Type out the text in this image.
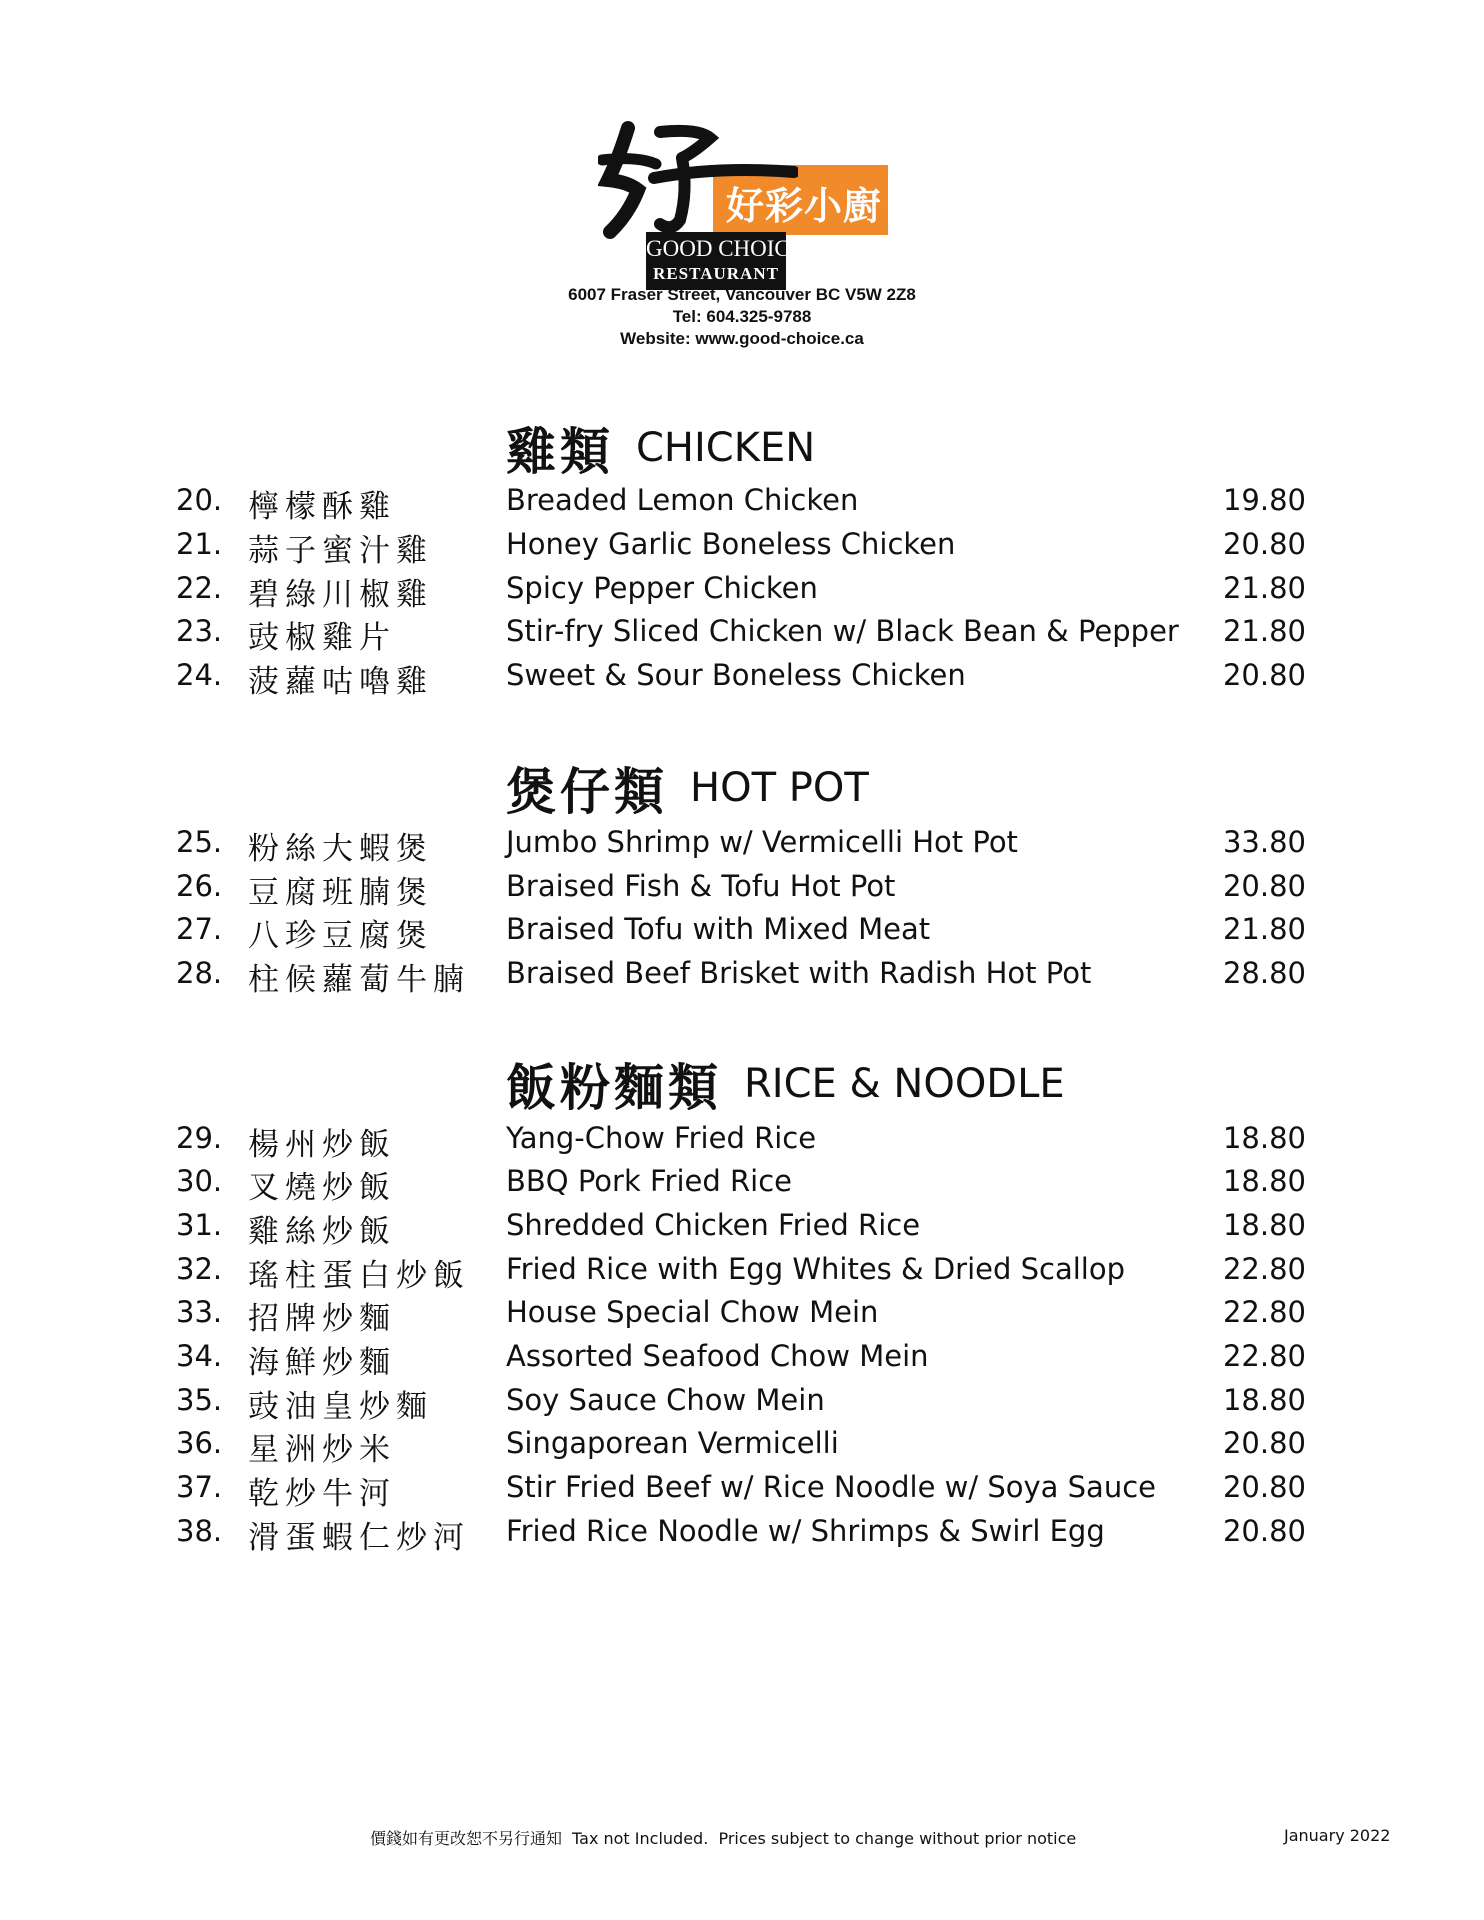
好彩小廚
GOOD CHOICE
RESTAURANT
6007 Fraser Street, Vancouver BC V5W 2Z8
Tel: 604.325-9788
Website: www.good-choice.ca
雞類 CHICKEN
20. 檸檬酥雞	Breaded Lemon Chicken	19.80
21. 蒜子蜜汁雞	Honey Garlic Boneless Chicken	20.80
22. 碧綠川椒雞	Spicy Pepper Chicken	21.80
23. 豉椒雞片	Stir-fry Sliced Chicken w/ Black Bean & Pepper 21.80
24. 菠蘿咕嚕雞	Sweet & Sour Boneless Chicken	20.80
煲仔類 HOT POT
25. 粉絲大蝦煲	Jumbo Shrimp w/ Vermicelli Hot Pot	33.80
26. 豆腐班腩煲	Braised Fish & Tofu Hot Pot	20.80
27. 八珍豆腐煲	Braised Tofu with Mixed Meat	21.80
28. 柱候蘿蔔牛腩 Braised Beef Brisket with Radish Hot Pot	28.80
飯粉麵類 RICE & NOODLE
29. 楊州炒飯	Yang-Chow Fried Rice	18.80
30. 叉燒炒飯	BBQ Pork Fried Rice	18.80
31. 雞絲炒飯	Shredded Chicken Fried Rice	18.80
32. 瑤柱蛋白炒飯 Fried Rice with Egg Whites & Dried Scallop	22.80
33. 招牌炒麵	House Special Chow Mein	22.80
34. 海鮮炒麵	Assorted Seafood Chow Mein	22.80
35. 豉油皇炒麵	Soy Sauce Chow Mein	18.80
36. 星洲炒米	Singaporean Vermicelli	20.80
37. 乾炒牛河	Stir Fried Beef w/ Rice Noodle w/ Soya Sauce 20.80
38. 滑蛋蝦仁炒河 Fried Rice Noodle w/ Shrimps & Swirl Egg	20.80
價錢如有更改恕不另行通知 Tax not Included.  Prices subject to change without prior notice	January 2022
